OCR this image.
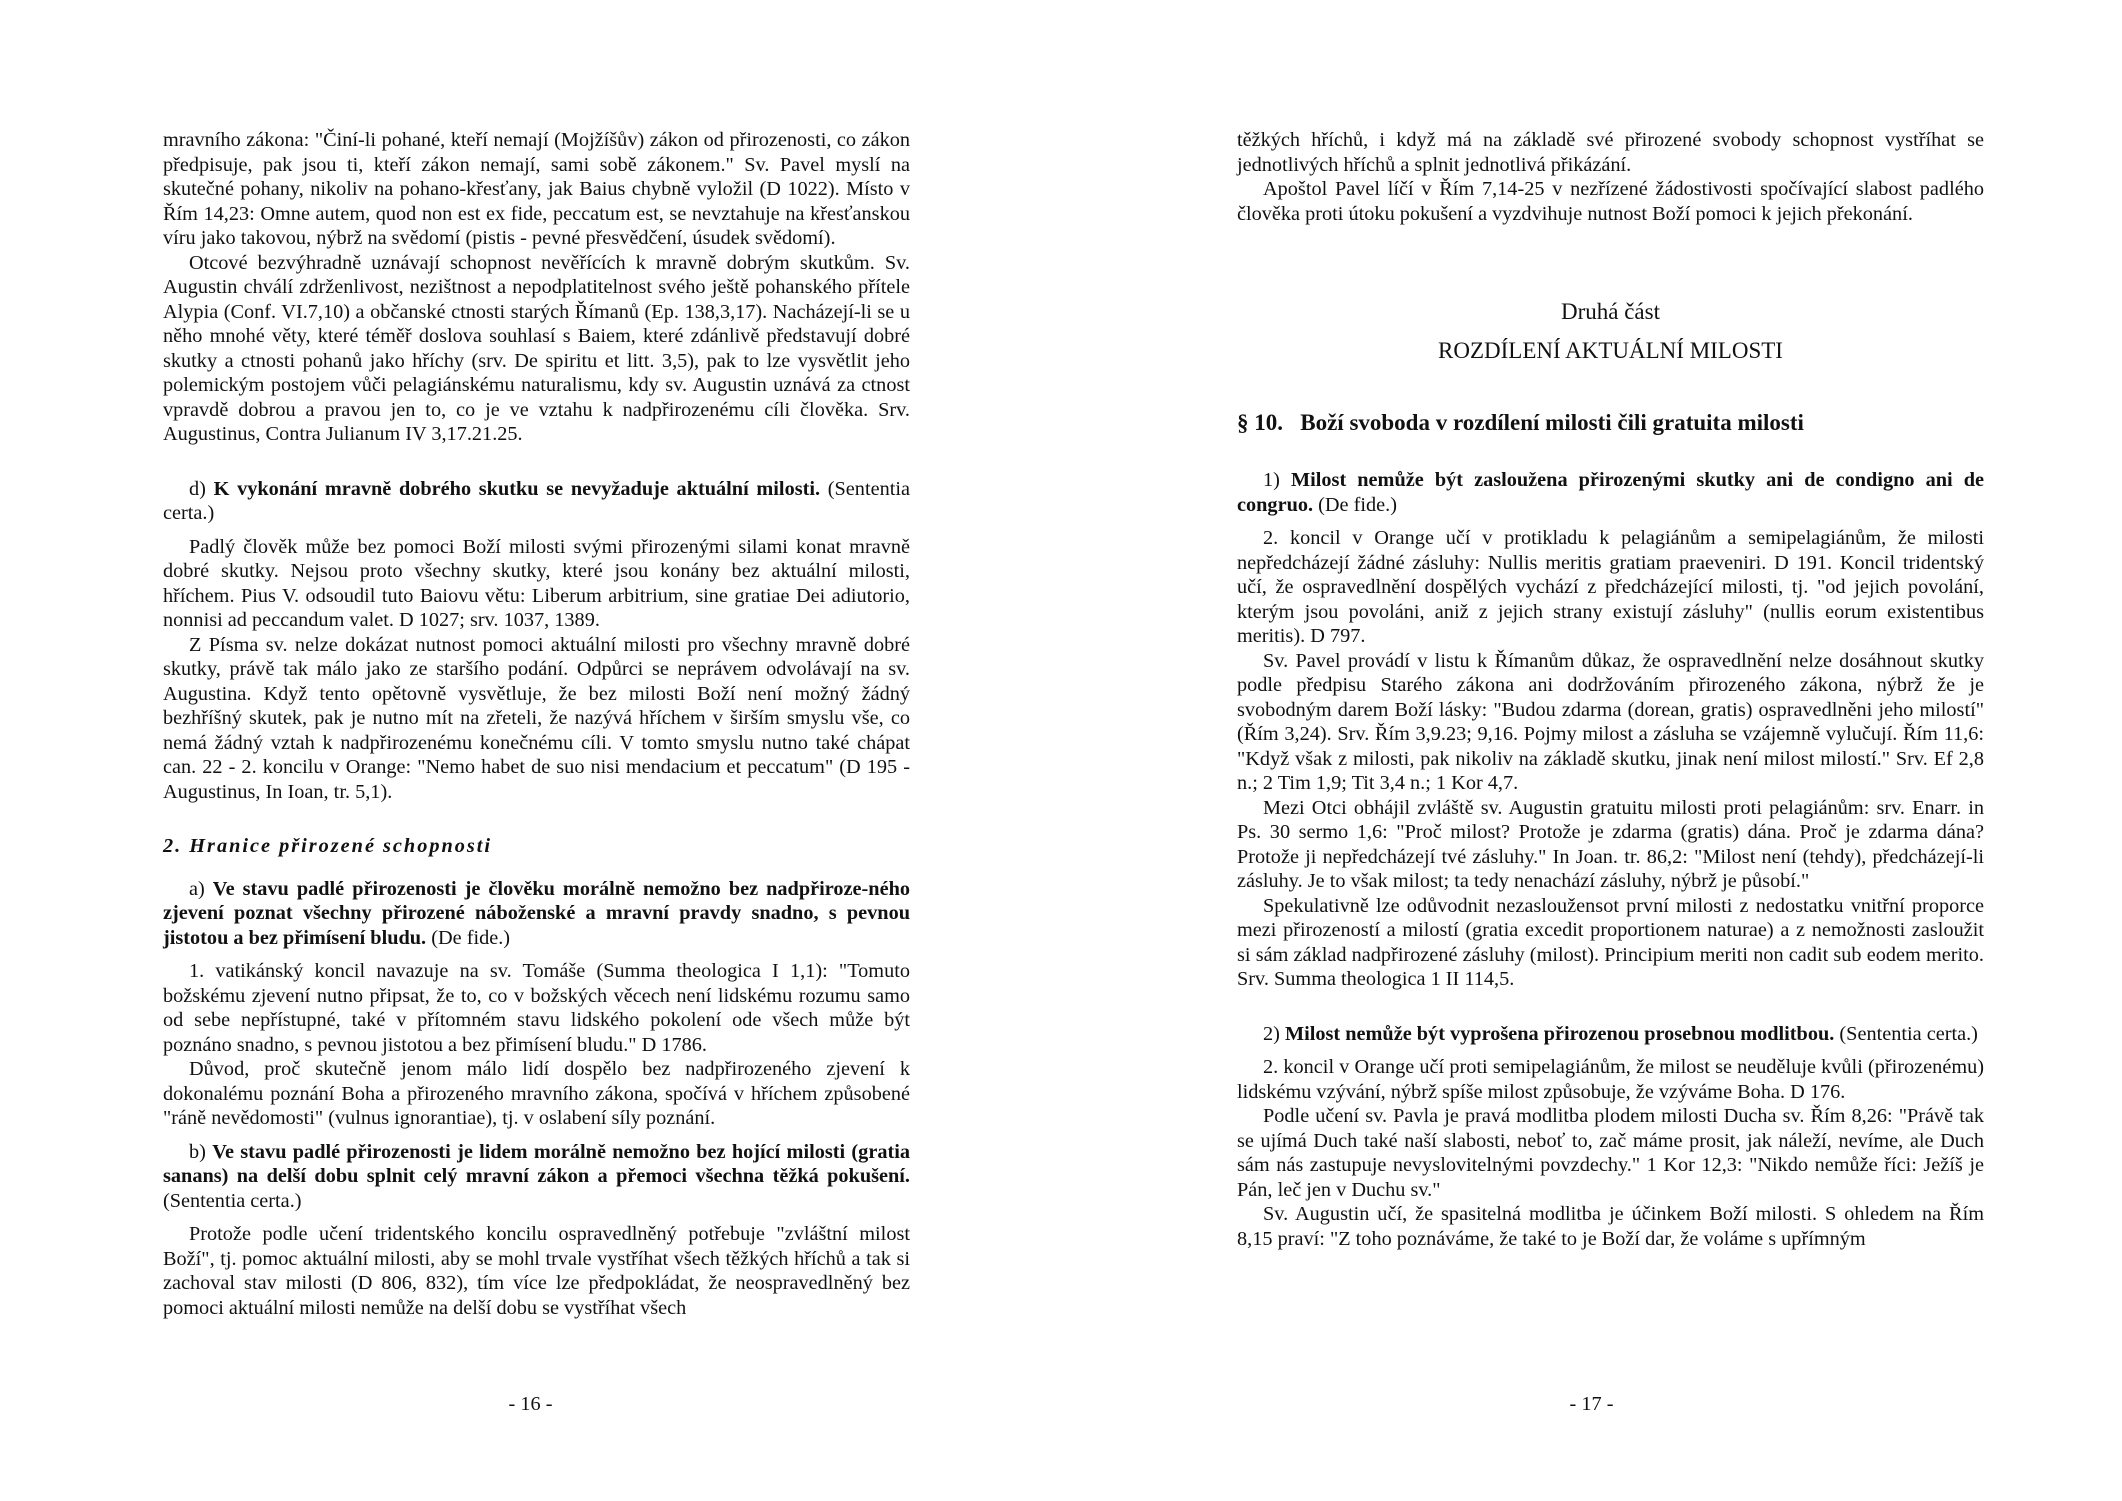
mravního zákona: "Činí-li pohané, kteří nemají (Mojžíšův) zákon od přirozenosti, co zákon předpisuje, pak jsou ti, kteří zákon nemají, sami sobě zákonem." Sv. Pavel myslí na skutečné pohany, nikoliv na pohano-křesťany, jak Baius chybně vyložil (D 1022). Místo v Řím 14,23: Omne autem, quod non est ex fide, peccatum est, se nevztahuje na křesťanskou víru jako takovou, nýbrž na svědomí (pistis - pevné přesvědčení, úsudek svědomí).

Otcové bezvýhradně uznávají schopnost nevěřících k mravně dobrým skutkům. Sv. Augustin chválí zdrženlivost, nezištnost a nepodplatitelnost svého ještě pohanského přítele Alypia (Conf. VI.7,10) a občanské ctnosti starých Římanů (Ep. 138,3,17). Nacházejí-li se u něho mnohé věty, které téměř doslova souhlasí s Baiem, které zdánlivě představují dobré skutky a ctnosti pohanů jako hříchy (srv. De spiritu et litt. 3,5), pak to lze vysvětlit jeho polemickým postojem vůči pelagiánskému naturalismu, kdy sv. Augustin uznává za ctnost vpravdě dobrou a pravou jen to, co je ve vztahu k nadpřirozenému cíli člověka. Srv. Augustinus, Contra Julianum IV 3,17.21.25.

d) K vykonání mravně dobrého skutku se nevyžaduje aktuální milosti. (Sententia certa.)

Padlý člověk může bez pomoci Boží milosti svými přirozenými silami konat mravně dobré skutky. Nejsou proto všechny skutky, které jsou konány bez aktuální milosti, hříchem. Pius V. odsoudil tuto Baiovu větu: Liberum arbitrium, sine gratiae Dei adiutorio, nonnisi ad peccandum valet. D 1027; srv. 1037, 1389.

Z Písma sv. nelze dokázat nutnost pomoci aktuální milosti pro všechny mravně dobré skutky, právě tak málo jako ze staršího podání. Odpůrci se neprávem odvolávají na sv. Augustina. Když tento opětovně vysvětluje, že bez milosti Boží není možný žádný bezhříšný skutek, pak je nutno mít na zřeteli, že nazývá hříchem v širším smyslu vše, co nemá žádný vztah k nadpřirozenému konečnému cíli. V tomto smyslu nutno také chápat can. 22 - 2. koncilu v Orange: "Nemo habet de suo nisi mendacium et peccatum" (D 195 - Augustinus, In Ioan, tr. 5,1).

2. Hranice přirozené schopnosti

a) Ve stavu padlé přirozenosti je člověku morálně nemožno bez nadpřiroze-ného zjevení poznat všechny přirozené náboženské a mravní pravdy snadno, s pevnou jistotou a bez přimísení bludu. (De fide.)

1. vatikánský koncil navazuje na sv. Tomáše (Summa theologica I 1,1): "Tomuto božskému zjevení nutno připsat, že to, co v božských věcech není lidskému rozumu samo od sebe nepřístupné, také v přítomném stavu lidského pokolení ode všech může být poznáno snadno, s pevnou jistotou a bez přimísení bludu." D 1786.

Důvod, proč skutečně jenom málo lidí dospělo bez nadpřirozeného zjevení k dokonalému poznání Boha a přirozeného mravního zákona, spočívá v hříchem způsobené "ráně nevědomosti" (vulnus ignorantiae), tj. v oslabení síly poznání.

b) Ve stavu padlé přirozenosti je lidem morálně nemožno bez hojící milosti (gratia sanans) na delší dobu splnit celý mravní zákon a přemoci všechna těžká pokušení. (Sententia certa.)

Protože podle učení tridentského koncilu ospravedlněný potřebuje "zvláštní milost Boží", tj. pomoc aktuální milosti, aby se mohl trvale vystříhat všech těžkých hříchů a tak si zachoval stav milosti (D 806, 832), tím více lze předpokládat, že neospravedlněný bez pomoci aktuální milosti nemůže na delší dobu se vystříhat všech

- 16 -

těžkých hříchů, i když má na základě své přirozené svobody schopnost vystříhat se jednotlivých hříchů a splnit jednotlivá přikázání.

Apoštol Pavel líčí v Řím 7,14-25 v nezřízené žádostivosti spočívající slabost padlého člověka proti útoku pokušení a vyzdvihuje nutnost Boží pomoci k jejich překonání.

Druhá část

ROZDÍLENÍ AKTUÁLNÍ MILOSTI

§ 10. Boží svoboda v rozdílení milosti čili gratuita milosti

1) Milost nemůže být zasloužena přirozenými skutky ani de condigno ani de congruo. (De fide.)

2. koncil v Orange učí v protikladu k pelagiánům a semipelagiánům, že milosti nepředcházejí žádné zásluhy: Nullis meritis gratiam praeveniri. D 191. Koncil tridentský učí, že ospravedlnění dospělých vychází z předcházející milosti, tj. "od jejich povolání, kterým jsou povoláni, aniž z jejich strany existují zásluhy" (nullis eorum existentibus meritis). D 797.

Sv. Pavel provádí v listu k Římanům důkaz, že ospravedlnění nelze dosáhnout skutky podle předpisu Starého zákona ani dodržováním přirozeného zákona, nýbrž že je svobodným darem Boží lásky: "Budou zdarma (dorean, gratis) ospravedlněni jeho milostí" (Řím 3,24). Srv. Řím 3,9.23; 9,16. Pojmy milost a zásluha se vzájemně vylučují. Řím 11,6: "Když však z milosti, pak nikoliv na základě skutku, jinak není milost milostí." Srv. Ef 2,8 n.; 2 Tim 1,9; Tit 3,4 n.; 1 Kor 4,7.

Mezi Otci obhájil zvláště sv. Augustin gratuitu milosti proti pelagiánům: srv. Enarr. in Ps. 30 sermo 1,6: "Proč milost? Protože je zdarma (gratis) dána. Proč je zdarma dána? Protože ji nepředcházejí tvé zásluhy." In Joan. tr. 86,2: "Milost není (tehdy), předcházejí-li zásluhy. Je to však milost; ta tedy nenachází zásluhy, nýbrž je působí."

Spekulativně lze odůvodnit nezasloužensot první milosti z nedostatku vnitřní proporce mezi přirozeností a milostí (gratia excedit proportionem naturae) a z nemožnosti zasloužit si sám základ nadpřirozené zásluhy (milost). Principium meriti non cadit sub eodem merito. Srv. Summa theologica 1 II 114,5.

2) Milost nemůže být vyprošena přirozenou prosebnou modlitbou. (Sententia certa.)

2. koncil v Orange učí proti semipelagiánům, že milost se neuděluje kvůli (přirozenému) lidskému vzývání, nýbrž spíše milost způsobuje, že vzýváme Boha. D 176.

Podle učení sv. Pavla je pravá modlitba plodem milosti Ducha sv. Řím 8,26: "Právě tak se ujímá Duch také naší slabosti, neboť to, zač máme prosit, jak náleží, nevíme, ale Duch sám nás zastupuje nevyslovitelnými povzdechy." 1 Kor 12,3: "Nikdo nemůže říci: Ježíš je Pán, leč jen v Duchu sv."

Sv. Augustin učí, že spasitelná modlitba je účinkem Boží milosti. S ohledem na Řím 8,15 praví: "Z toho poznáváme, že také to je Boží dar, že voláme s upřímným

- 17 -
